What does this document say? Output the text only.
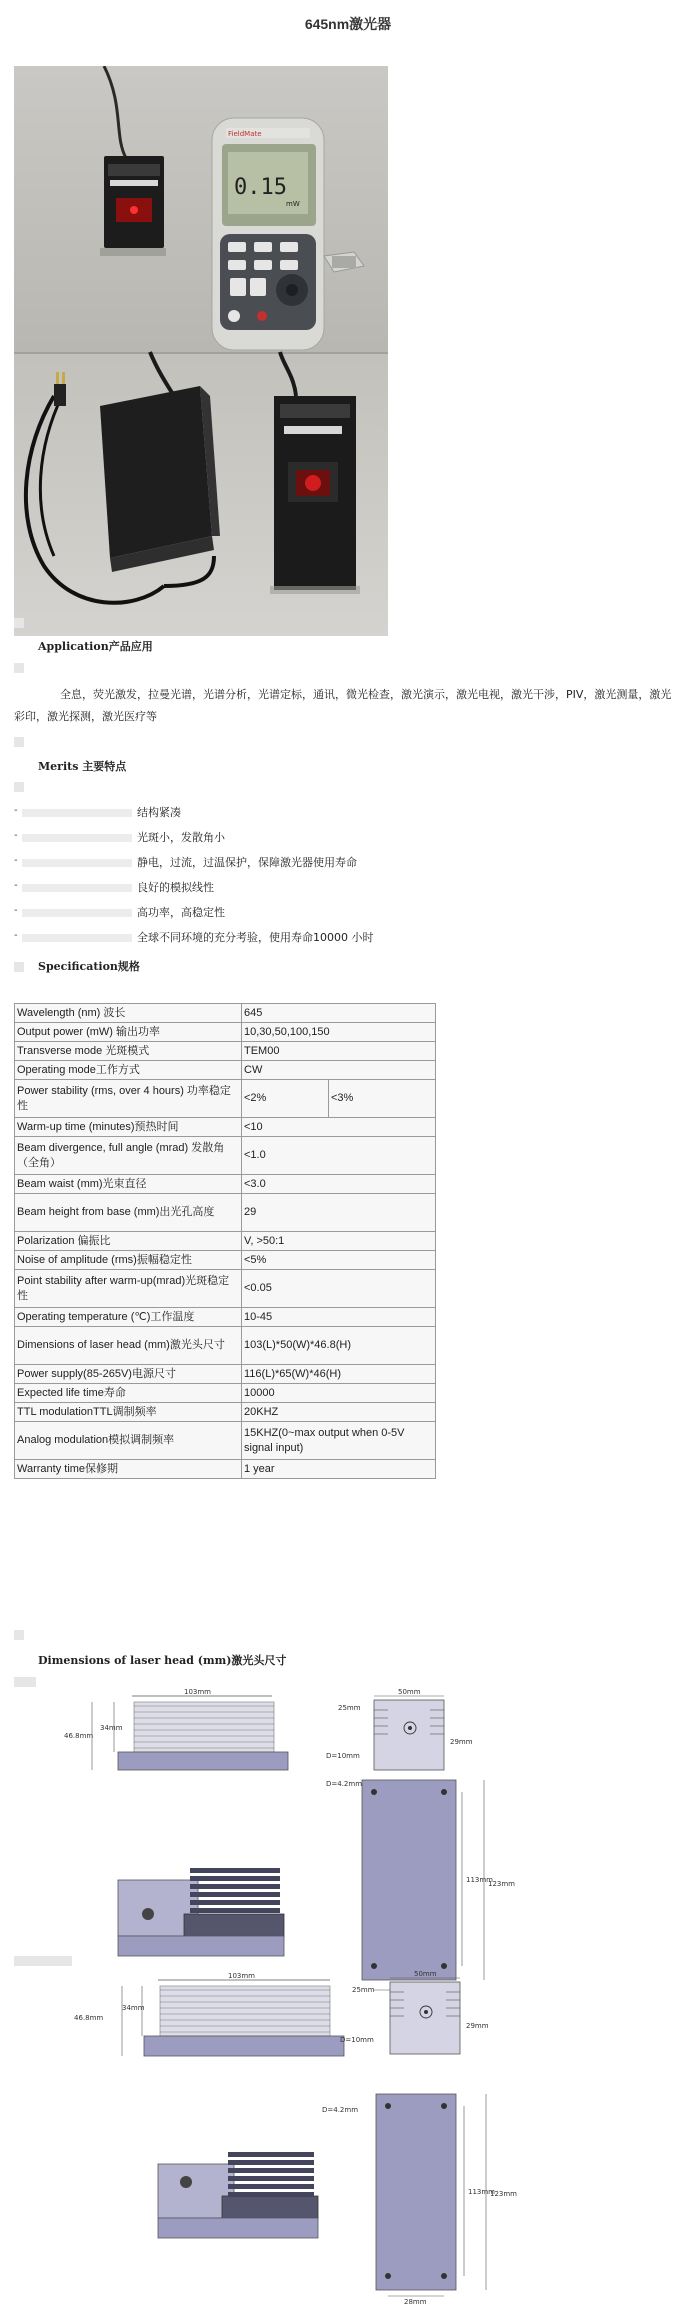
645nm激光器
FieldMate
0.15
mW
Application产品应用
全息，荧光激发，拉曼光谱，光谱分析，光谱定标，通讯，微光检查，激光演示，激光电视，激光干涉，PIV，激光测量，激光彩印，激光探测，激光医疗等
Merits 主要特点
-	结构紧凑
-	光斑小，发散角小
-	静电，过流，过温保护，保障激光器使用寿命
-	良好的模拟线性
-	高功率，高稳定性
-	全球不同环境的充分考验，使用寿命10000 小时
Specification规格
Wavelength (nm) 波长	645	
Output power (mW) 输出功率	10,30,50,100,150	
Transverse mode 光斑模式	TEM00	
Operating mode工作方式	CW	
Power stability (rms, over 4 hours) 功率稳定性	<2%	<3%
Warm-up time (minutes)预热时间	<10	
Beam divergence, full angle (mrad) 发散角（全角）	<1.0	
Beam waist (mm)光束直径	<3.0	
Beam height from base (mm)出光孔高度	29	
Polarization 偏振比	V, >50:1	
Noise of amplitude (rms)振幅稳定性	<5%	
Point stability after warm-up(mrad)光斑稳定性	<0.05	
Operating temperature (℃)工作温度	10-45	
Dimensions of laser head (mm)激光头尺寸	103(L)*50(W)*46.8(H)	
Power supply(85-265V)电源尺寸	116(L)*65(W)*46(H)	
Expected life time寿命	10000	
TTL modulationTTL调制频率	20KHZ	
Analog modulation模拟调制频率	15KHZ(0~max output when 0-5V signal input)	
Warranty time保修期	1 year	
Dimensions of laser head (mm)激光头尺寸
103mm
46.8mm
34mm
25mm
50mm
29mm
D=10mm
D=4.2mm
113mm
123mm
103mm
46.8mm
34mm
25mm
50mm
29mm
D=10mm
D=4.2mm
113mm
123mm
28mm
